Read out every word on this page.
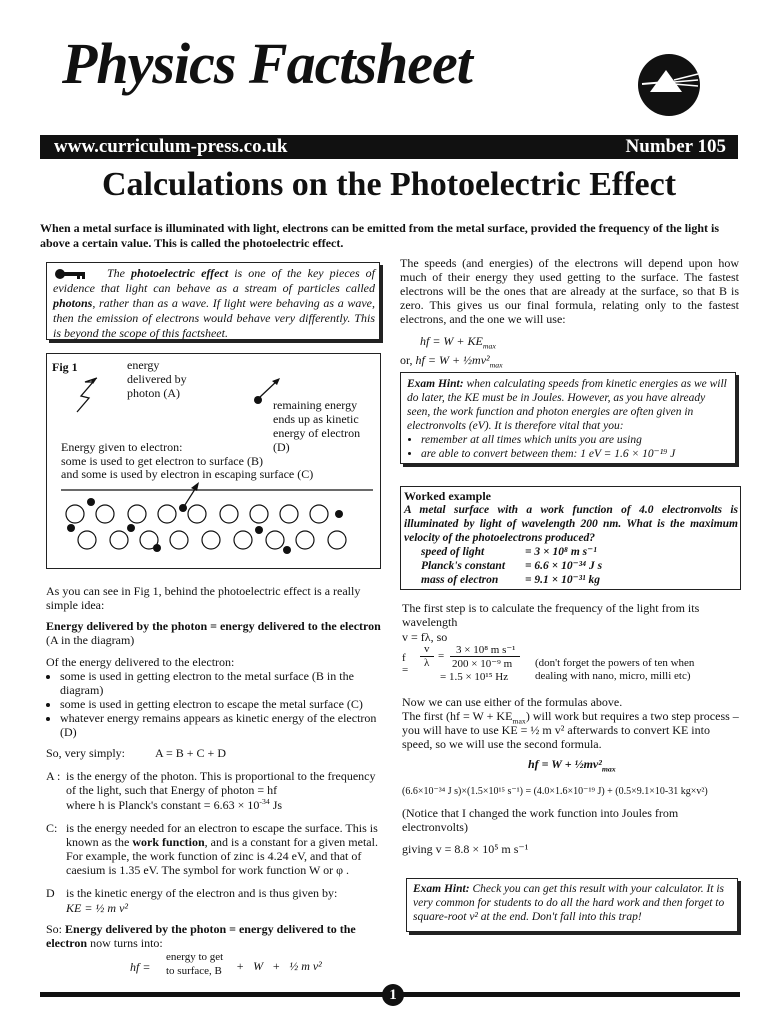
Physics Factsheet
www.curriculum-press.co.uk	Number 105
Calculations on the Photoelectric Effect
When a metal surface is illuminated with light, electrons can be emitted from the metal surface, provided the frequency of the light is above a certain value. This is called the photoelectric effect.
The photoelectric effect is one of the key pieces of evidence that light can behave as a stream of particles called photons, rather than as a wave. If light were behaving as a wave, then the emission of electrons would behave very differently. This is beyond the scope of this factsheet.
Fig 1	energy delivered by photon (A)
remaining energy ends up as kinetic energy of electron (D)
Energy given to electron:
some is used to get electron to surface (B)
and some is used by electron in escaping surface (C)
As you can see in Fig 1, behind the photoelectric effect is a really simple idea:
Energy delivered by the photon = energy delivered to the electron
(A in the diagram)
Of the energy delivered to the electron:
• some is used in getting electron to the metal surface (B in the diagram)
• some is used in getting electron to escape the metal surface (C)
• whatever energy remains appears as kinetic energy of the electron (D)
So, very simply: A = B + C + D
A : is the energy of the photon. This is proportional to the frequency of the light, such that Energy of photon = hf
where h is Planck's constant = $6.63 \times 10^{-34}$ Js
C: is the energy needed for an electron to escape the surface. This is known as the work function, and is a constant for a given metal. For example, the work function of zinc is 4.24 eV, and that of caesium is 1.35 eV. The symbol for work function W or φ .
D is the kinetic energy of the electron and is thus given by:
KE = ½ m v²
So: Energy delivered by the photon = energy delivered to the electron now turns into:
hf =
energy to get
to surface, B +   W   +   ½ m v²
The speeds (and energies) of the electrons will depend upon how much of their energy they used getting to the surface. The fastest electrons will be the ones that are already at the surface, so that B is zero. This gives us our final formula, relating only to the fastest electrons, and the one we will use:
hf = $W + KE_{max}$
or, hf = $W + \frac{1}{2}mv^2_{max}$
Exam Hint: when calculating speeds from kinetic energies as we will do later, the KE must be in Joules. However, as you have already seen, the work function and photon energies are often given in electronvolts (eV). It is therefore vital that you:
• remember at all times which units you are using
• are able to convert between them: 1 eV = 1.6 × 10⁻¹⁹ J
Worked example
A metal surface with a work function of 4.0 electronvolts is illuminated by light of wavelength 200 nm. What is the maximum velocity of the photoelectrons produced?
speed of light	= 3 × 10⁸ m s⁻¹
Planck's constant = 6.6 × 10⁻³⁴ J s
mass of electron = 9.1 × 10⁻³¹ kg
The first step is to calculate the frequency of the light from its wavelength
v = fλ, so
f =
v
λ
= 3 × 10⁸ m s⁻¹
200 × 10⁻⁹ m
= 1.5 × 10¹⁵ Hz
(don't forget the powers of ten when dealing with nano, micro, milli etc)
Now we can use either of the formulas above.
The first $(hf = W + KE_{max})$ will work but requires a two step process – you will have to use KE = ½ m v² afterwards to convert KE into speed, so we will use the second formula.
hf = $W + \frac{1}{2}mv^2_{max}$
(6.6×10⁻³⁴ J s)×(1.5×10¹⁵ s⁻¹) = (4.0×1.6×10⁻¹⁹ J) + (0.5×9.1×10-31 kg×v²)
(Notice that I changed the work function into Joules from electronvolts)
giving v = 8.8 × 10⁵ m s⁻¹
Exam Hint: Check you can get this result with your calculator. It is very common for students to do all the hard work and then forget to square-root v² at the end. Don't fall into this trap!
1
